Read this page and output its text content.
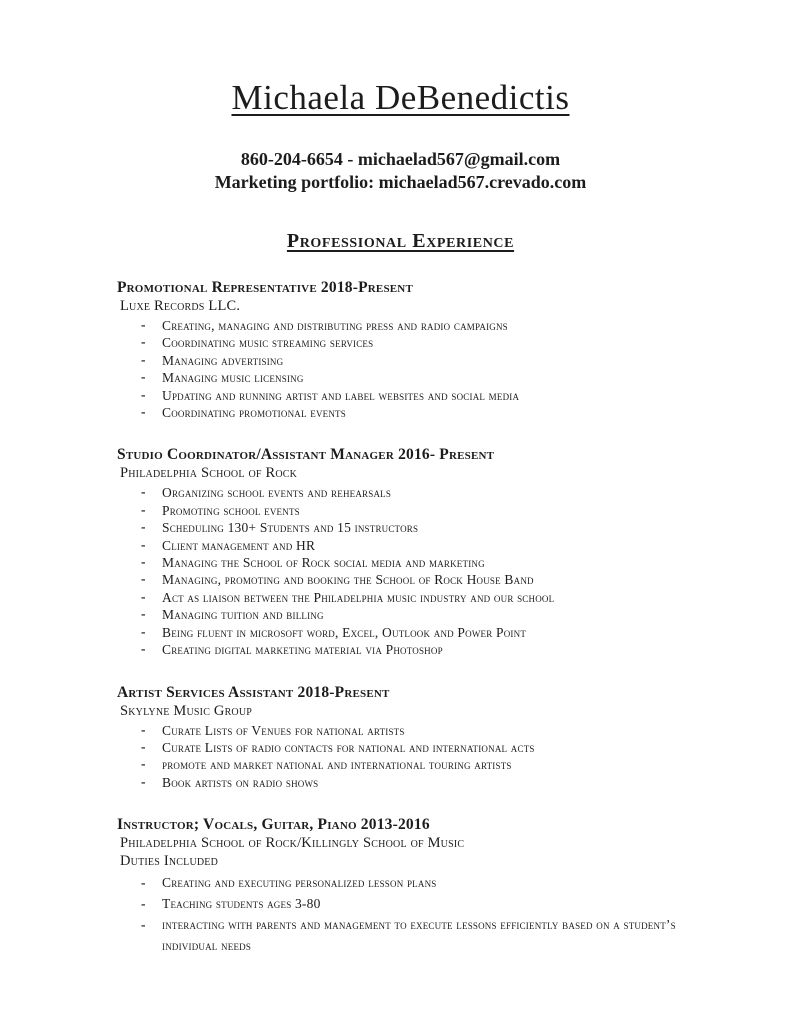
Michaela DeBenedictis
860-204-6654 - michaelad567@gmail.com
Marketing portfolio: michaelad567.crevado.com
Professional Experience
Promotional Representative 2018-Present
Luxe Records LLC.
- Creating, managing and distributing press and radio campaigns
- Coordinating music streaming services
- Managing advertising
- Managing music licensing
- Updating and running artist and label websites and social media
- Coordinating promotional events
Studio Coordinator/Assistant Manager 2016- Present
Philadelphia School of Rock
- Organizing school events and rehearsals
- Promoting school events
- Scheduling 130+ Students and 15 instructors
- Client management and HR
- Managing the School of Rock social media and marketing
- Managing, promoting and booking the School of Rock House Band
- Act as liaison between the Philadelphia music industry and our school
- Managing tuition and billing
- Being fluent in microsoft word, Excel, Outlook and Power Point
- Creating digital marketing material via Photoshop
Artist Services Assistant 2018-Present
Skylyne Music Group
- Curate Lists of Venues for national artists
- Curate Lists of radio contacts for national and international acts
- promote and market national and international touring artists
- Book artists on radio shows
Instructor; Vocals, Guitar, Piano 2013-2016
Philadelphia School of Rock/Killingly School of Music
Duties Included
- Creating and executing personalized lesson plans
- Teaching students ages 3-80
- interacting with parents and management to execute lessons efficiently based on a student’s individual needs
